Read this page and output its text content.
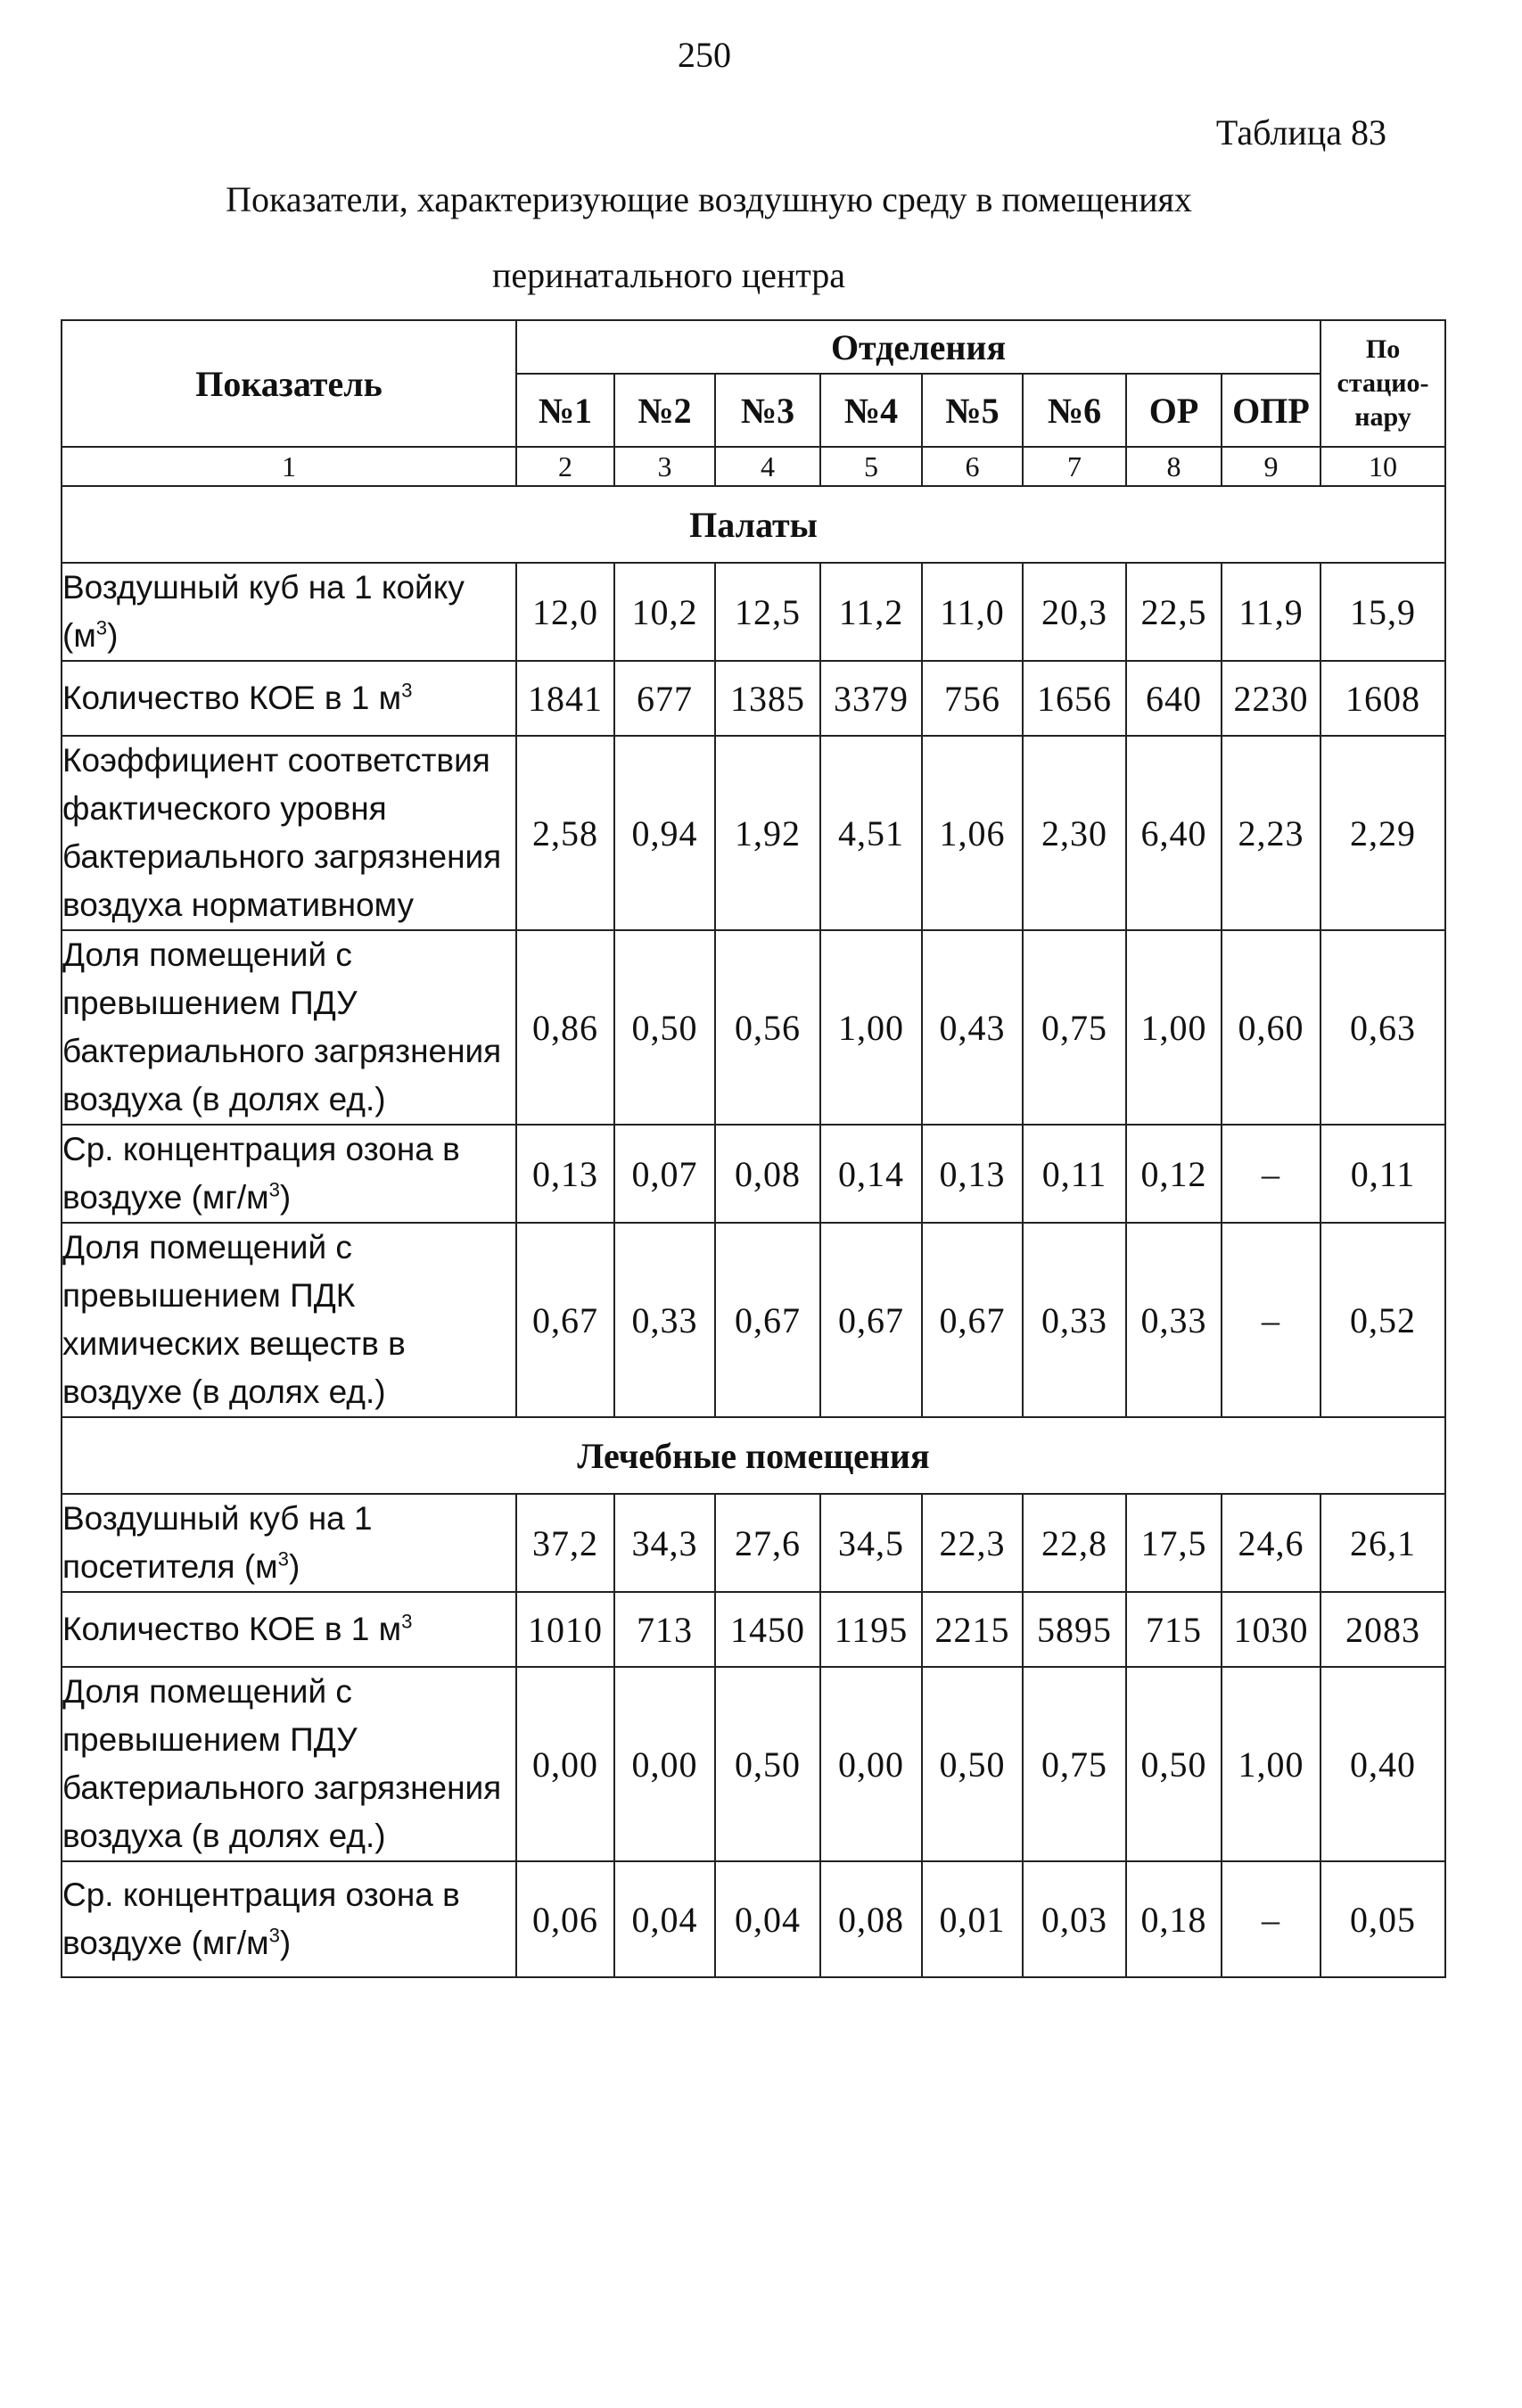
250
Таблица 83
Показатели, характеризующие воздушную среду в помещениях
перинатального центра
Показатель	Отделения								По стацио-нару
	№1	№2	№3	№4	№5	№6	ОР	ОПР	
1	2	3	4	5	6	7	8	9	10
Палаты									
Воздушный куб на 1 койку $(м^3)$	12,0	10,2	12,5	11,2	11,0	20,3	22,5	11,9	15,9
Количество КОЕ в 1 $м^3$	1841	677	1385	3379	756	1656	640	2230	1608
Коэффициент соответствия фактического уровня бактериального загрязнения воздуха нормативному	2,58	0,94	1,92	4,51	1,06	2,30	6,40	2,23	2,29
Доля помещений с превышением ПДУ бактериального загрязнения воздуха (в долях ед.)	0,86	0,50	0,56	1,00	0,43	0,75	1,00	0,60	0,63
Ср. концентрация озона в воздухе $(мг/м^3)$	0,13	0,07	0,08	0,14	0,13	0,11	0,12	–	0,11
Доля помещений с превышением ПДК химических веществ в воздухе (в долях ед.)	0,67	0,33	0,67	0,67	0,67	0,33	0,33	–	0,52
Лечебные помещения									
Воздушный куб на 1 посетителя $(м^3)$	37,2	34,3	27,6	34,5	22,3	22,8	17,5	24,6	26,1
Количество КОЕ в 1 $м^3$	1010	713	1450	1195	2215	5895	715	1030	2083
Доля помещений с превышением ПДУ бактериального загрязнения воздуха (в долях ед.)	0,00	0,00	0,50	0,00	0,50	0,75	0,50	1,00	0,40
Ср. концентрация озона в воздухе $(мг/м^3)$	0,06	0,04	0,04	0,08	0,01	0,03	0,18	–	0,05
